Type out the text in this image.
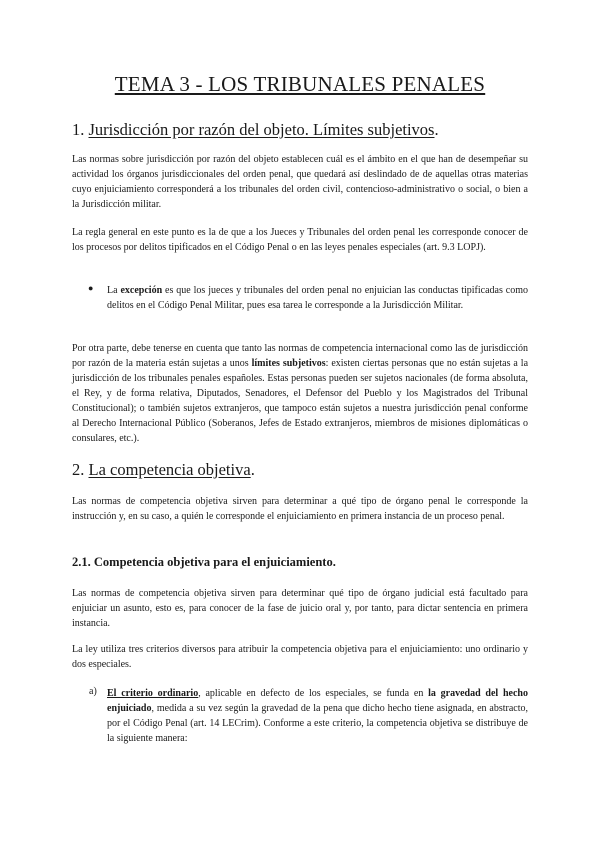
TEMA 3 - LOS TRIBUNALES PENALES
1. Jurisdicción por razón del objeto. Límites subjetivos.

Las normas sobre jurisdicción por razón del objeto establecen cuál es el ámbito en el que han de desempeñar su actividad los órganos jurisdiccionales del orden penal, que quedará así deslindado de de aquellas otras materias cuyo enjuiciamiento corresponderá a los tribunales del orden civil, contencioso-administrativo o social, o bien a la Jurisdicción militar.

La regla general en este punto es la de que a los Jueces y Tribunales del orden penal les corresponde conocer de los procesos por delitos tipificados en el Código Penal o en las leyes penales especiales (art. 9.3 LOPJ).

● La excepción es que los jueces y tribunales del orden penal no enjuician las conductas tipificadas como delitos en el Código Penal Militar, pues esa tarea le corresponde a la Jurisdicción Militar.

Por otra parte, debe tenerse en cuenta que tanto las normas de competencia internacional como las de jurisdicción por razón de la materia están sujetas a unos límites subjetivos: existen ciertas personas que no están sujetas a la jurisdicción de los tribunales penales españoles. Estas personas pueden ser sujetos nacionales (de forma absoluta, el Rey, y de forma relativa, Diputados, Senadores, el Defensor del Pueblo y los Magistrados del Tribunal Constitucional); o también sujetos extranjeros, que tampoco están sujetos a nuestra jurisdicción penal conforme al Derecho Internacional Público (Soberanos, Jefes de Estado extranjeros, miembros de misiones diplomáticas o consulares, etc.).

2. La competencia objetiva.

Las normas de competencia objetiva sirven para determinar a qué tipo de órgano penal le corresponde la instrucción y, en su caso, a quién le corresponde el enjuiciamiento en primera instancia de un proceso penal.

2.1. Competencia objetiva para el enjuiciamiento.

Las normas de competencia objetiva sirven para determinar qué tipo de órgano judicial está facultado para enjuiciar un asunto, esto es, para conocer de la fase de juicio oral y, por tanto, para dictar sentencia en primera instancia.

La ley utiliza tres criterios diversos para atribuir la competencia objetiva para el enjuiciamiento: uno ordinario y dos especiales.

a) El criterio ordinario, aplicable en defecto de los especiales, se funda en la gravedad del hecho enjuiciado, medida a su vez según la gravedad de la pena que dicho hecho tiene asignada, en abstracto, por el Código Penal (art. 14 LECrim). Conforme a este criterio, la competencia objetiva se distribuye de la siguiente manera:
